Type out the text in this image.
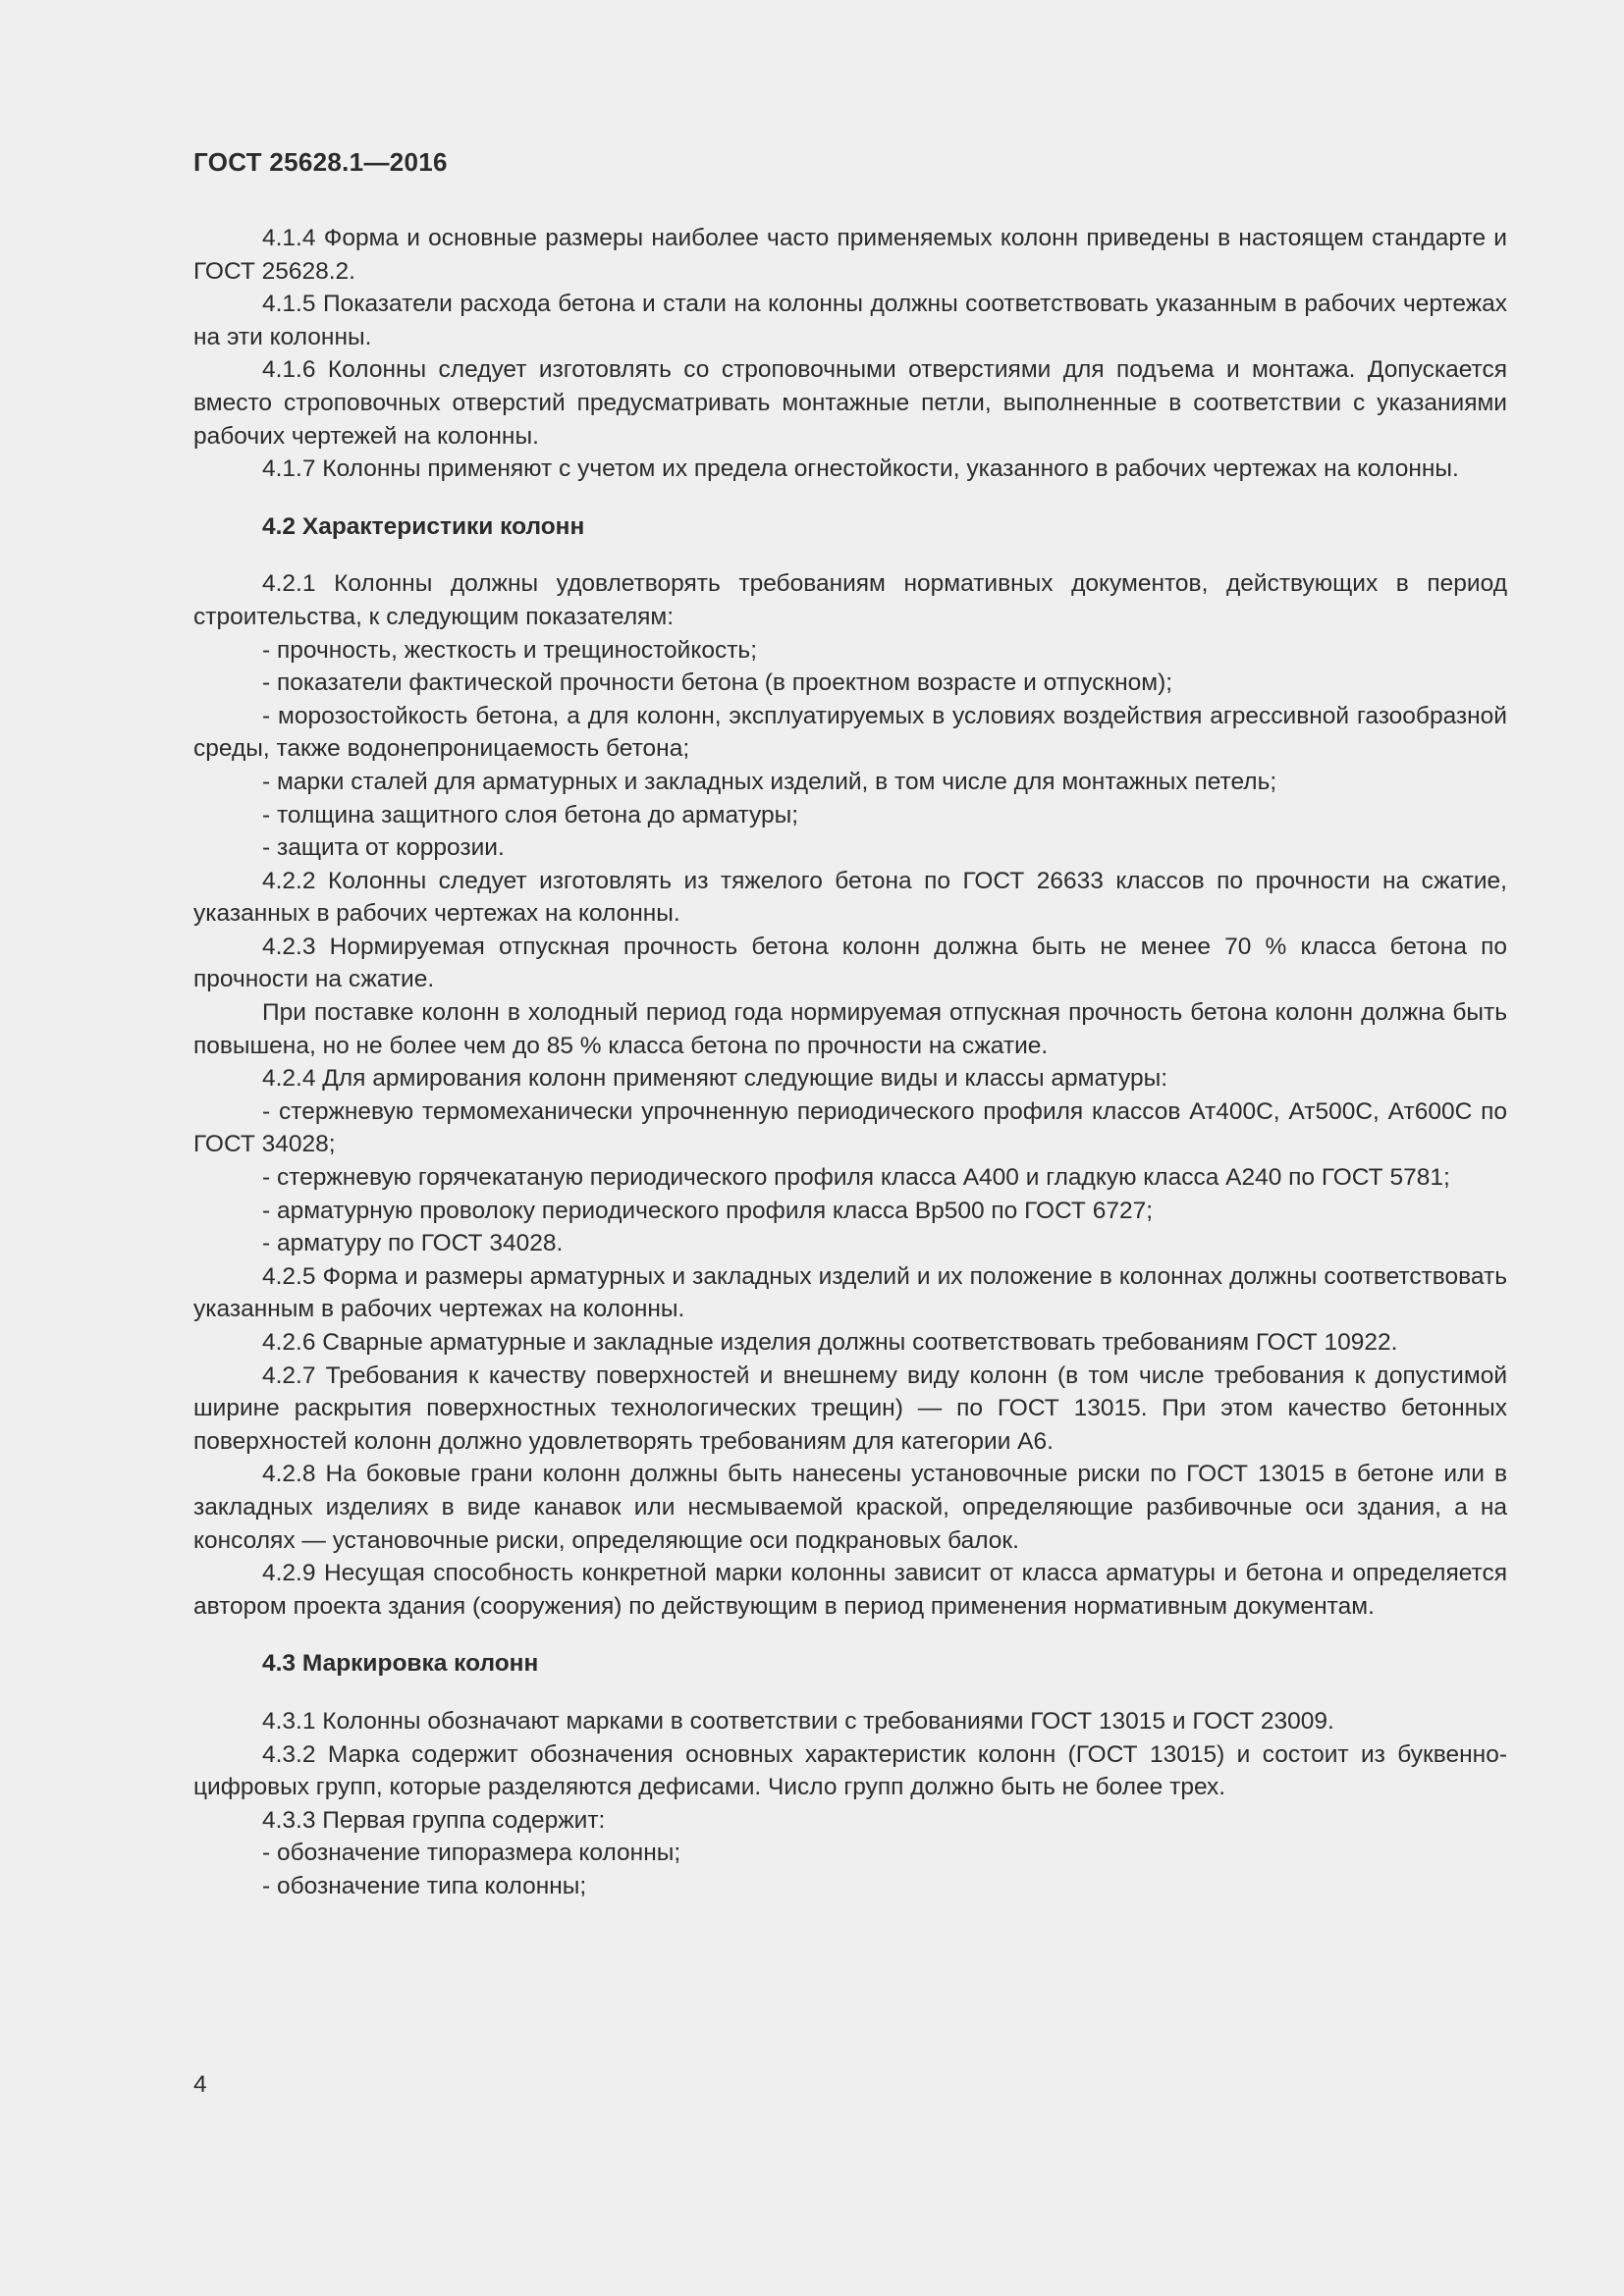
ГОСТ 25628.1—2016

4.1.4 Форма и основные размеры наиболее часто применяемых колонн приведены в настоящем стандарте и ГОСТ 25628.2.

4.1.5 Показатели расхода бетона и стали на колонны должны соответствовать указанным в рабочих чертежах на эти колонны.

4.1.6 Колонны следует изготовлять со строповочными отверстиями для подъема и монтажа. Допускается вместо строповочных отверстий предусматривать монтажные петли, выполненные в соответствии с указаниями рабочих чертежей на колонны.

4.1.7 Колонны применяют с учетом их предела огнестойкости, указанного в рабочих чертежах на колонны.

4.2 Характеристики колонн

4.2.1 Колонны должны удовлетворять требованиям нормативных документов, действующих в период строительства, к следующим показателям:

- прочность, жесткость и трещиностойкость;

- показатели фактической прочности бетона (в проектном возрасте и отпускном);

- морозостойкость бетона, а для колонн, эксплуатируемых в условиях воздействия агрессивной газообразной среды, также водонепроницаемость бетона;

- марки сталей для арматурных и закладных изделий, в том числе для монтажных петель;

- толщина защитного слоя бетона до арматуры;

- защита от коррозии.

4.2.2 Колонны следует изготовлять из тяжелого бетона по ГОСТ 26633 классов по прочности на сжатие, указанных в рабочих чертежах на колонны.

4.2.3 Нормируемая отпускная прочность бетона колонн должна быть не менее 70 % класса бетона по прочности на сжатие.

При поставке колонн в холодный период года нормируемая отпускная прочность бетона колонн должна быть повышена, но не более чем до 85 % класса бетона по прочности на сжатие.

4.2.4 Для армирования колонн применяют следующие виды и классы арматуры:

- стержневую термомеханически упрочненную периодического профиля классов Ат400С, Ат500С, Ат600С по ГОСТ 34028;

- стержневую горячекатаную периодического профиля класса А400 и гладкую класса А240 по ГОСТ 5781;

- арматурную проволоку периодического профиля класса Вр500 по ГОСТ 6727;

- арматуру по ГОСТ 34028.

4.2.5 Форма и размеры арматурных и закладных изделий и их положение в колоннах должны соответствовать указанным в рабочих чертежах на колонны.

4.2.6 Сварные арматурные и закладные изделия должны соответствовать требованиям ГОСТ 10922.

4.2.7 Требования к качеству поверхностей и внешнему виду колонн (в том числе требования к допустимой ширине раскрытия поверхностных технологических трещин) — по ГОСТ 13015. При этом качество бетонных поверхностей колонн должно удовлетворять требованиям для категории А6.

4.2.8 На боковые грани колонн должны быть нанесены установочные риски по ГОСТ 13015 в бетоне или в закладных изделиях в виде канавок или несмываемой краской, определяющие разбивочные оси здания, а на консолях — установочные риски, определяющие оси подкрановых балок.

4.2.9 Несущая способность конкретной марки колонны зависит от класса арматуры и бетона и определяется автором проекта здания (сооружения) по действующим в период применения нормативным документам.

4.3 Маркировка колонн

4.3.1 Колонны обозначают марками в соответствии с требованиями ГОСТ 13015 и ГОСТ 23009.

4.3.2 Марка содержит обозначения основных характеристик колонн (ГОСТ 13015) и состоит из буквенно-цифровых групп, которые разделяются дефисами. Число групп должно быть не более трех.

4.3.3 Первая группа содержит:

- обозначение типоразмера колонны;

- обозначение типа колонны;

4
